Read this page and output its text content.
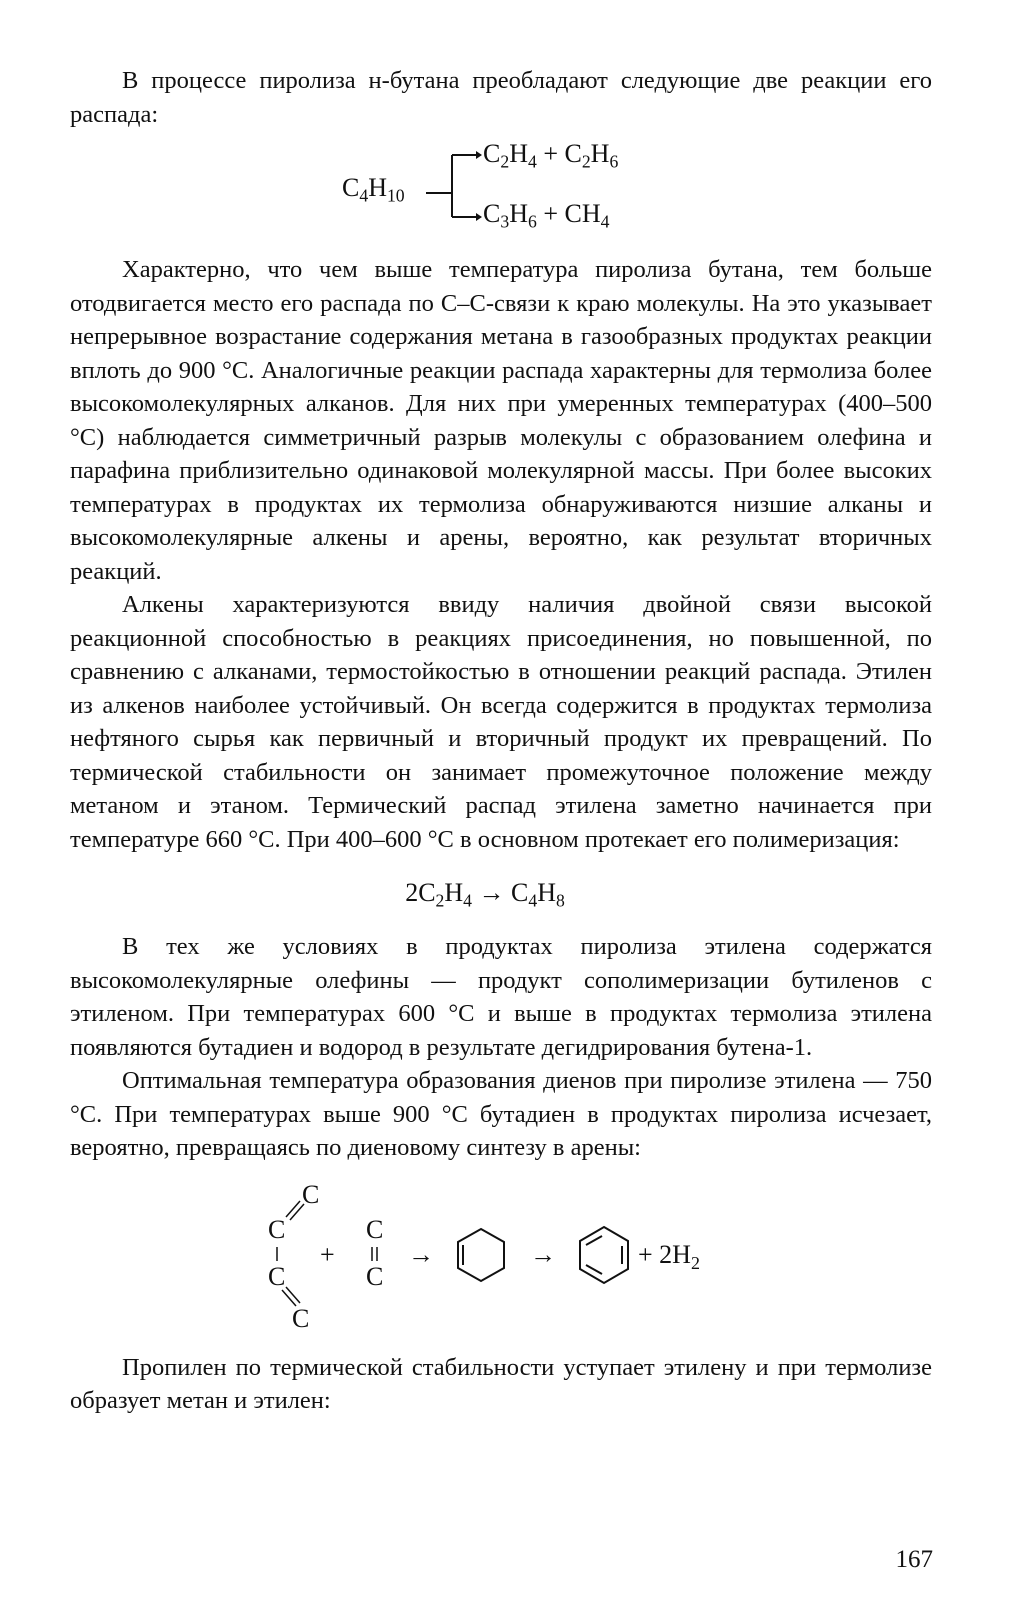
В процессе пиролиза н-бутана преобладают следующие две реакции его распада:

$C_4H_{10}$
$C_2H_4 + C_2H_6$
$C_3H_6 + CH_4$

Характерно, что чем выше температура пиролиза бутана, тем больше отодвигается место его распада по С–С-связи к краю молекулы. На это указывает непрерывное возрастание содержания метана в газообразных продуктах реакции вплоть до 900 °С. Аналогичные реакции распада характерны для термолиза более высокомолекулярных алканов. Для них при умеренных температурах (400–500 °С) наблюдается симметричный разрыв молекулы с образованием олефина и парафина приблизительно одинаковой молекулярной массы. При более высоких температурах в продуктах их термолиза обнаруживаются низшие алканы и высокомолекулярные алкены и арены, вероятно, как результат вторичных реакций.

Алкены характеризуются ввиду наличия двойной связи высокой реакционной способностью в реакциях присоединения, но повышенной, по сравнению с алканами, термостойкостью в отношении реакций распада. Этилен из алкенов наиболее устойчивый. Он всегда содержится в продуктах термолиза нефтяного сырья как первичный и вторичный продукт их превращений. По термической стабильности он занимает промежуточное положение между метаном и этаном. Термический распад этилена заметно начинается при температуре 660 °С. При 400–600 °С в основном протекает его полимеризация:

$2C_2H_4 \to C_4H_8$

В тех же условиях в продуктах пиролиза этилена содержатся высокомолекулярные олефины — продукт сополимеризации бутиленов с этиленом. При температурах 600 °С и выше в продуктах термолиза этилена появляются бутадиен и водород в результате дегидрирования бутена-1.

Оптимальная температура образования диенов при пиролизе этилена — 750 °С. При температурах выше 900 °С бутадиен в продуктах пиролиза исчезает, вероятно, превращаясь по диеновому синтезу в арены:

C
C
C
C
+
C
C
→	→	+ $2H_2$

Пропилен по термической стабильности уступает этилену и при термолизе образует метан и этилен:

167
